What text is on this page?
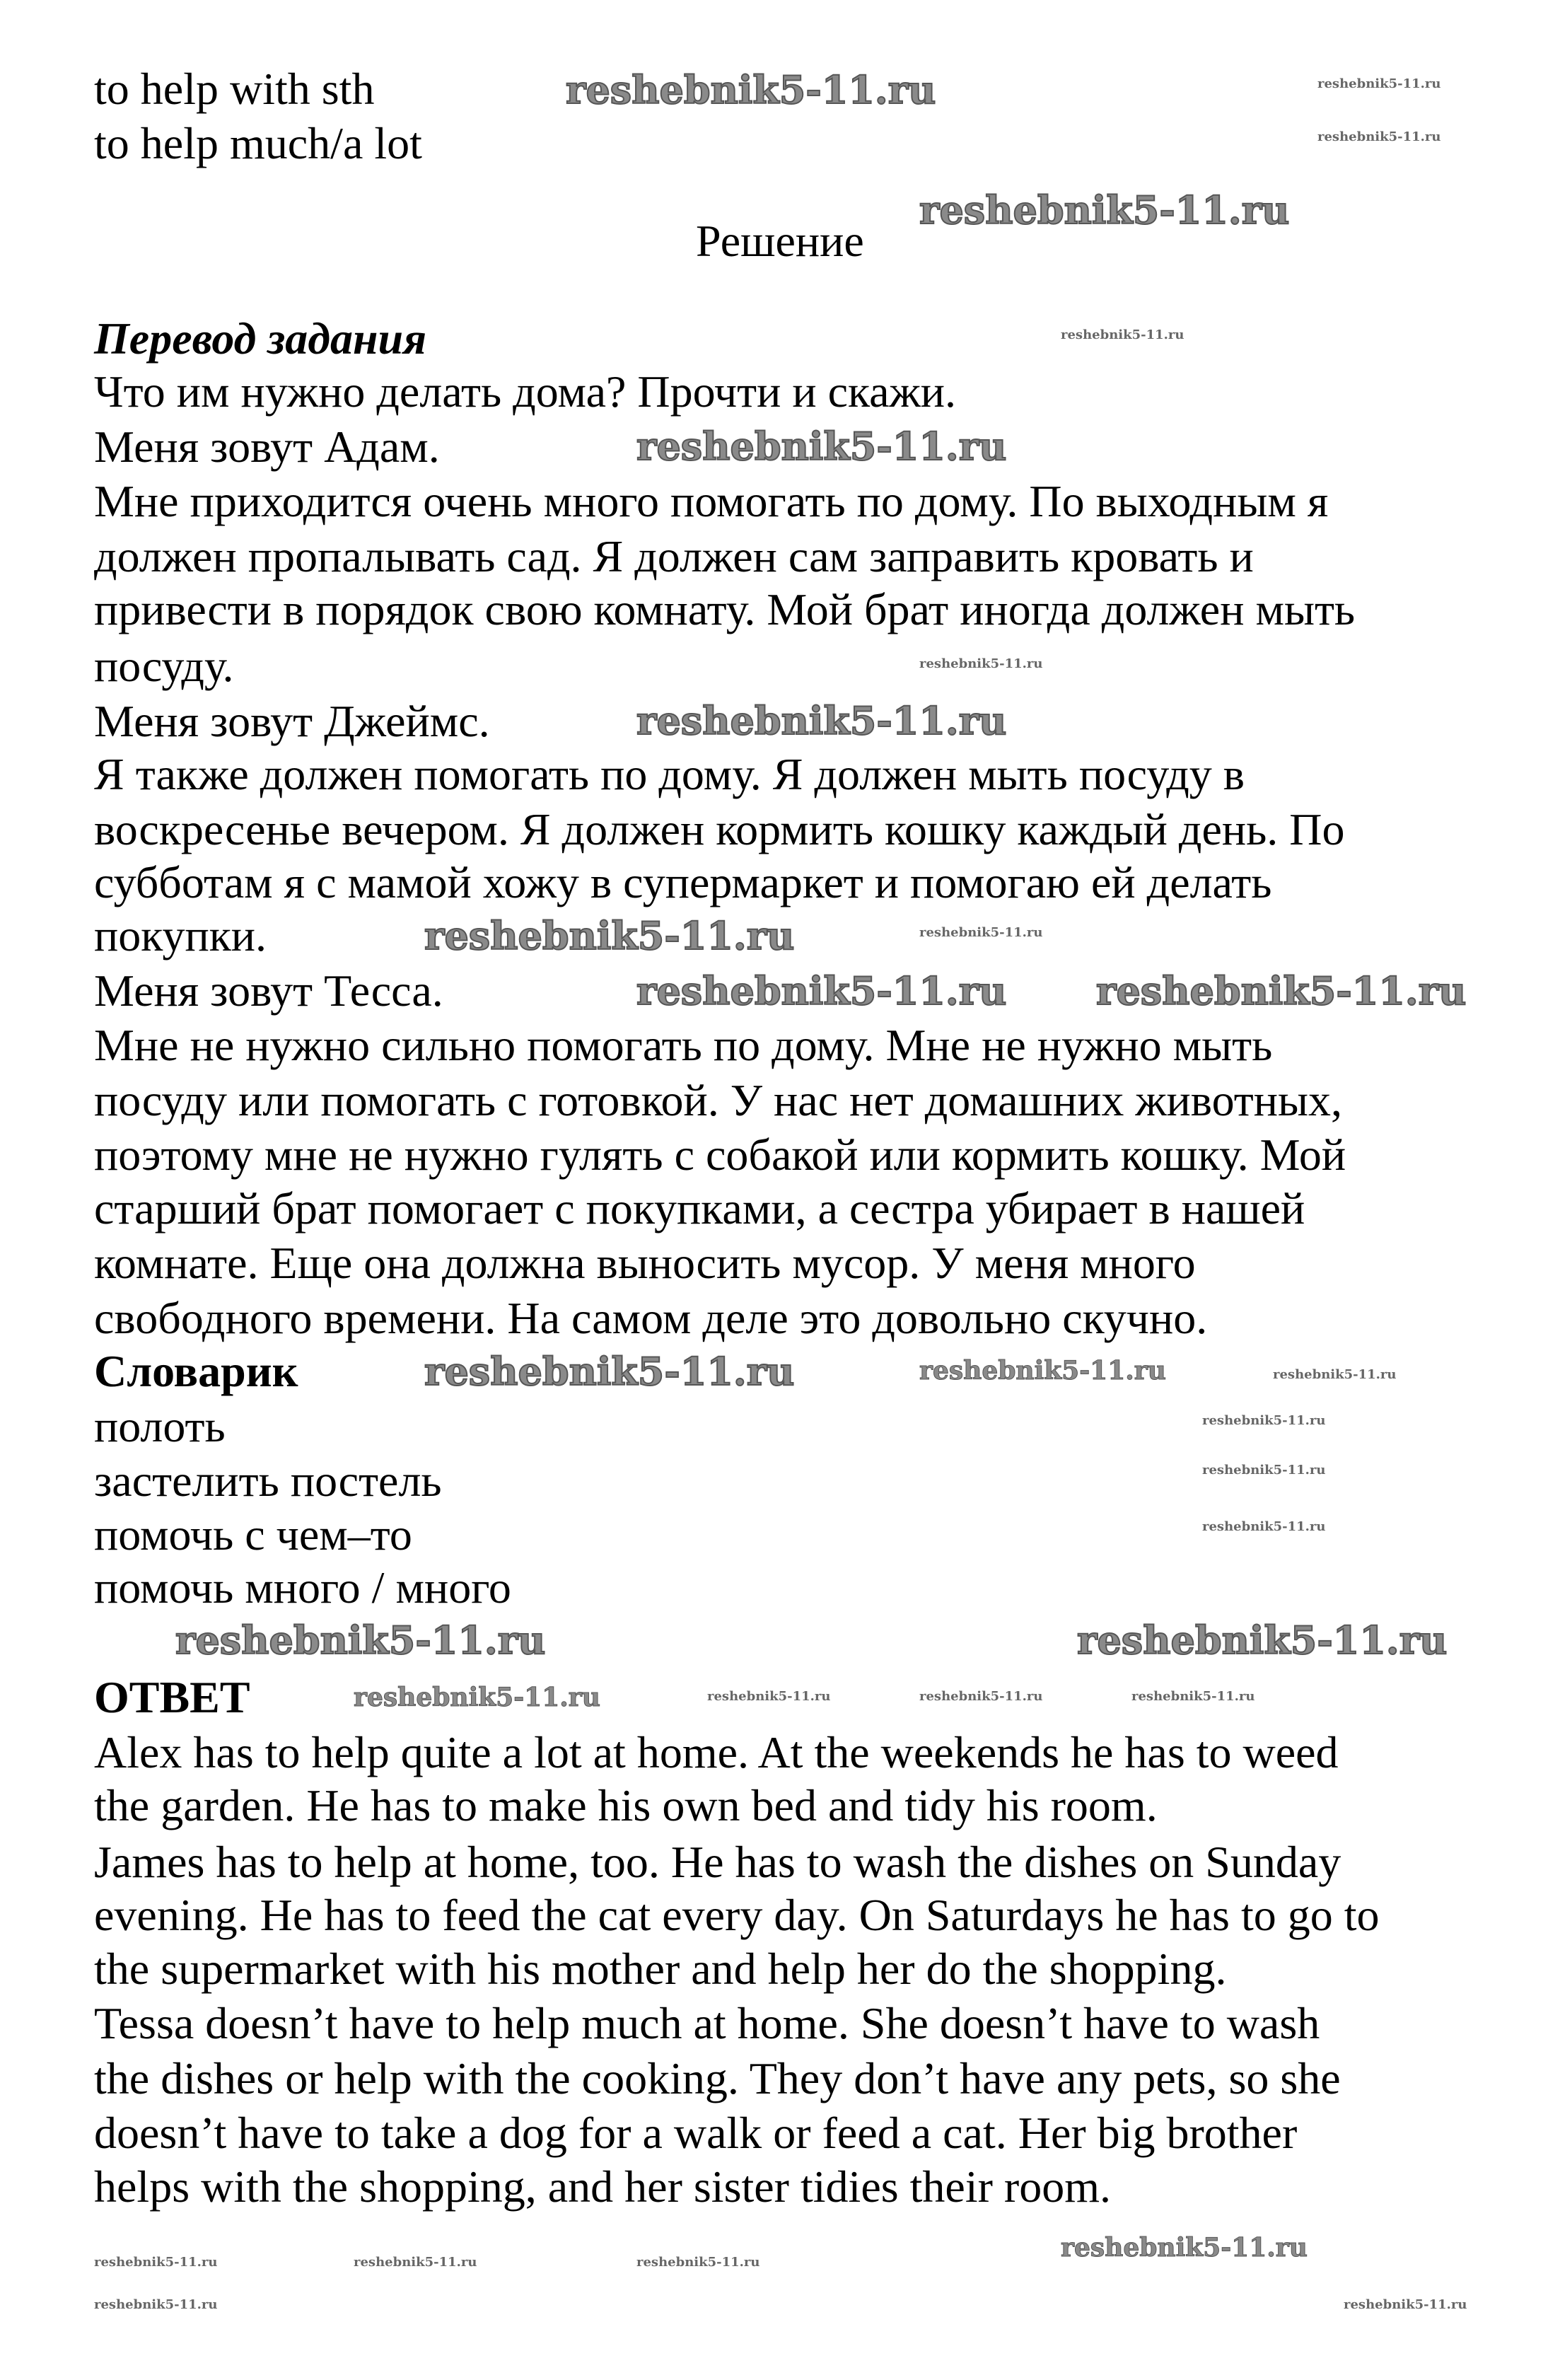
to help with sth
to help much/a lot
Решение
Перевод задания
Что им нужно делать дома? Прочти и скажи.
Меня зовут Адам.
Мне приходится очень много помогать по дому. По выходным я
должен пропалывать сад. Я должен сам заправить кровать и
привести в порядок свою комнату. Мой брат иногда должен мыть
посуду.
Меня зовут Джеймс.
Я также должен помогать по дому. Я должен мыть посуду в
воскресенье вечером. Я должен кормить кошку каждый день. По
субботам я с мамой хожу в супермаркет и помогаю ей делать
покупки.
Меня зовут Тесса.
Мне не нужно сильно помогать по дому. Мне не нужно мыть
посуду или помогать с готовкой. У нас нет домашних животных,
поэтому мне не нужно гулять с собакой или кормить кошку. Мой
старший брат помогает с покупками, а сестра убирает в нашей
комнате. Еще она должна выносить мусор. У меня много
свободного времени. На самом деле это довольно скучно.
Словарик
полоть
застелить постель
помочь с чем–то
помочь много / много
ОТВЕТ
Alex has to help quite a lot at home. At the weekends he has to weed
the garden. He has to make his own bed and tidy his room.
James has to help at home, too. He has to wash the dishes on Sunday
evening. He has to feed the cat every day. On Saturdays he has to go to
the supermarket with his mother and help her do the shopping.
Tessa doesn’t have to help much at home. She doesn’t have to wash
the dishes or help with the cooking. They don’t have any pets, so she
doesn’t have to take a dog for a walk or feed a cat. Her big brother
helps with the shopping, and her sister tidies their room.
reshebnik5-11.ru
reshebnik5-11.ru
reshebnik5-11.ru
reshebnik5-11.ru
reshebnik5-11.ru
reshebnik5-11.ru reshebnik5-11.ru
reshebnik5-11.ru
reshebnik5-11.ru	reshebnik5-11.ru
reshebnik5-11.ru
reshebnik5-11.ru
reshebnik5-11.ru
reshebnik5-11.ru
reshebnik5-11.ru
reshebnik5-11.ru
reshebnik5-11.ru
reshebnik5-11.ru
reshebnik5-11.ru
reshebnik5-11.ru
reshebnik5-11.ru
reshebnik5-11.ru
reshebnik5-11.ru	reshebnik5-11.ru	reshebnik5-11.ru
reshebnik5-11.ru	reshebnik5-11.ru	reshebnik5-11.ru
reshebnik5-11.ru
reshebnik5-11.ru
